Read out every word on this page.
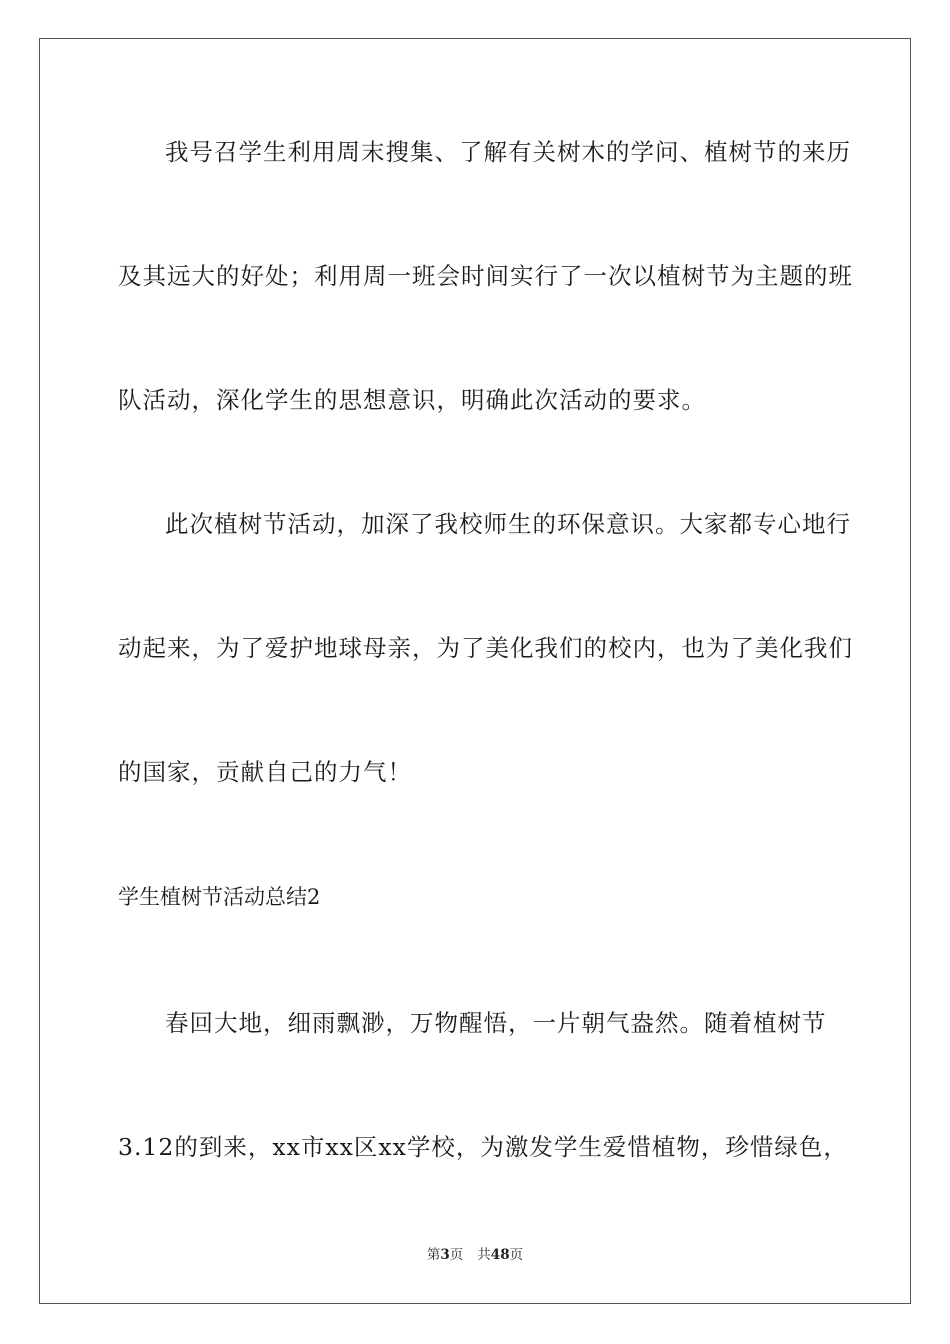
我号召学生利用周末搜集、了解有关树木的学问、植树节的来历
及其远大的好处；利用周一班会时间实行了一次以植树节为主题的班
队活动，深化学生的思想意识，明确此次活动的要求。
此次植树节活动，加深了我校师生的环保意识。大家都专心地行
动起来，为了爱护地球母亲，为了美化我们的校内，也为了美化我们
的国家，贡献自己的力气！
学生植树节活动总结2
春回大地，细雨飘渺，万物醒悟，一片朝气盎然。随着植树节
3.12的到来，xx市xx区xx学校，为激发学生爱惜植物，珍惜绿色，
第3页 共48页
